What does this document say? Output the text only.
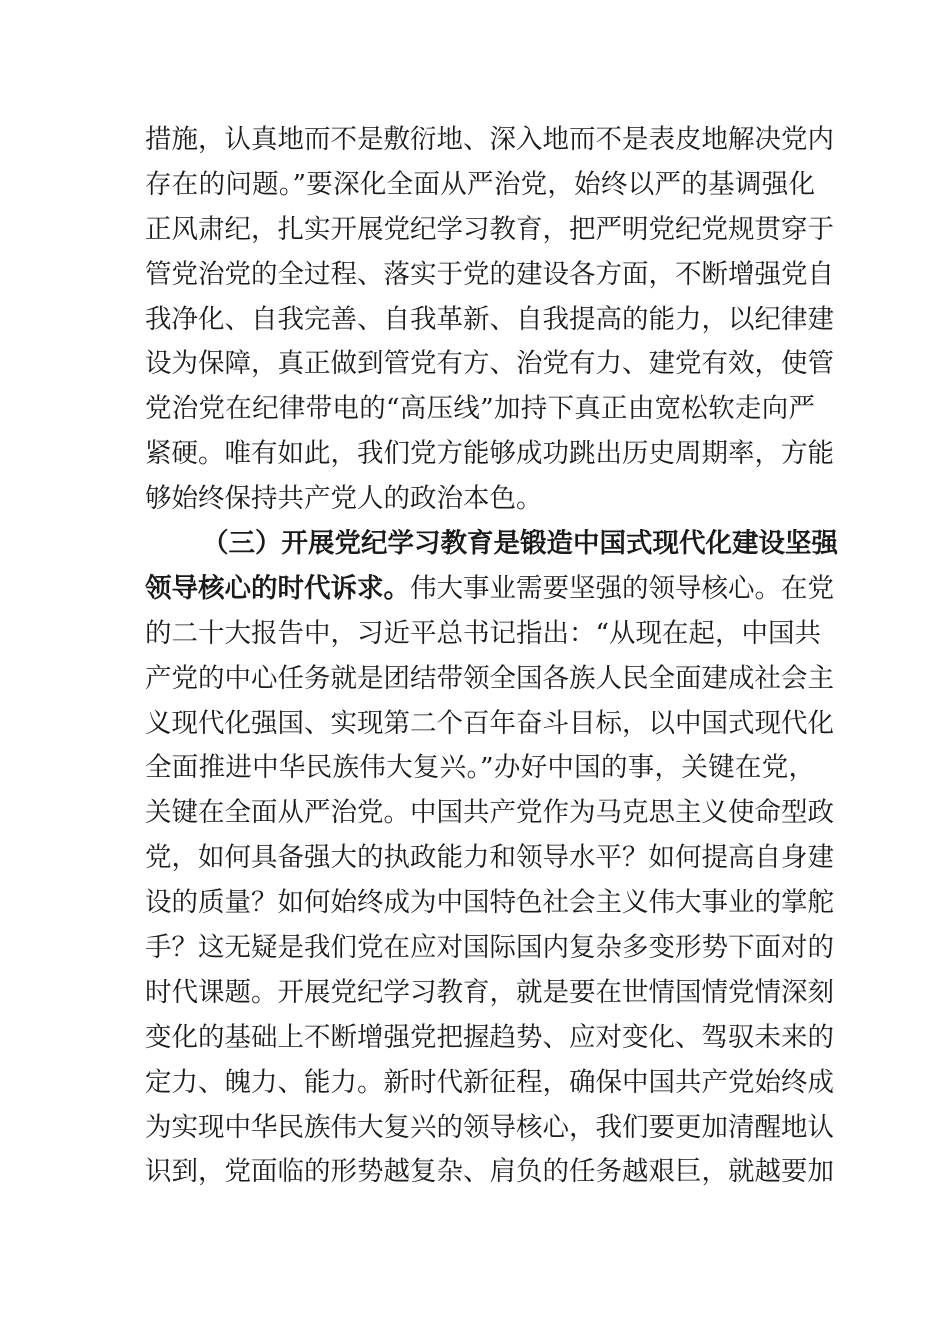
措施，认真地而不是敷衍地、深入地而不是表皮地解决党内
存在的问题。”要深化全面从严治党，始终以严的基调强化
正风肃纪，扎实开展党纪学习教育，把严明党纪党规贯穿于
管党治党的全过程、落实于党的建设各方面，不断增强党自
我净化、自我完善、自我革新、自我提高的能力，以纪律建
设为保障，真正做到管党有方、治党有力、建党有效，使管
党治党在纪律带电的“高压线”加持下真正由宽松软走向严
紧硬。唯有如此，我们党方能够成功跳出历史周期率，方能
够始终保持共产党人的政治本色。
（三）开展党纪学习教育是锻造中国式现代化建设坚强
领导核心的时代诉求。伟大事业需要坚强的领导核心。在党
的二十大报告中，习近平总书记指出：“从现在起，中国共
产党的中心任务就是团结带领全国各族人民全面建成社会主
义现代化强国、实现第二个百年奋斗目标，以中国式现代化
全面推进中华民族伟大复兴。”办好中国的事，关键在党，
关键在全面从严治党。中国共产党作为马克思主义使命型政
党，如何具备强大的执政能力和领导水平？如何提高自身建
设的质量？如何始终成为中国特色社会主义伟大事业的掌舵
手？这无疑是我们党在应对国际国内复杂多变形势下面对的
时代课题。开展党纪学习教育，就是要在世情国情党情深刻
变化的基础上不断增强党把握趋势、应对变化、驾驭未来的
定力、魄力、能力。新时代新征程，确保中国共产党始终成
为实现中华民族伟大复兴的领导核心，我们要更加清醒地认
识到，党面临的形势越复杂、肩负的任务越艰巨，就越要加
